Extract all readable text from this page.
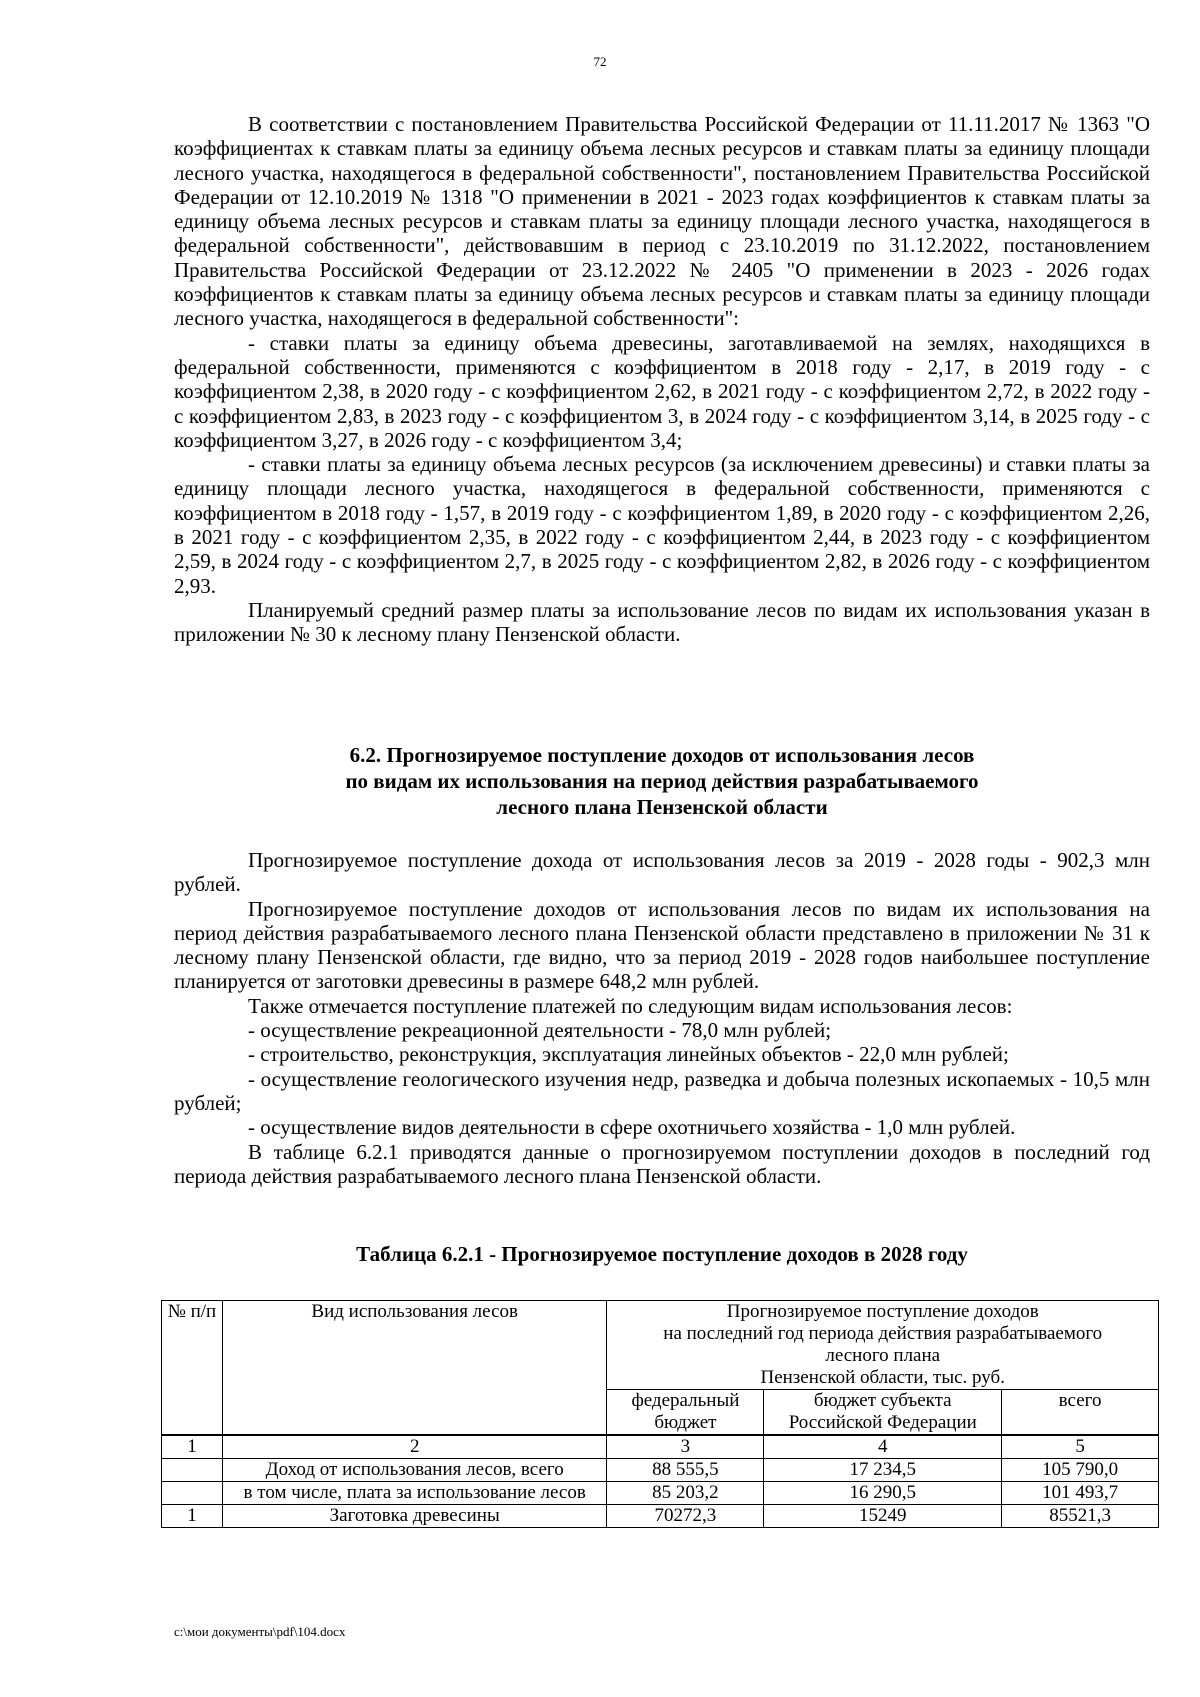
72

В соответствии с постановлением Правительства Российской Федерации от 11.11.2017 № 1363 "О коэффициентах к ставкам платы за единицу объема лесных ресурсов и ставкам платы за единицу площади лесного участка, находящегося в федеральной собственности", постановлением Правительства Российской Федерации от 12.10.2019 № 1318 "О применении в 2021 - 2023 годах коэффициентов к ставкам платы за единицу объема лесных ресурсов и ставкам платы за единицу площади лесного участка, находящегося в федеральной собственности", действовавшим в период с 23.10.2019 по 31.12.2022, постановлением Правительства Российской Федерации от 23.12.2022 № 2405 "О применении в 2023 - 2026 годах коэффициентов к ставкам платы за единицу объема лесных ресурсов и ставкам платы за единицу площади лесного участка, находящегося в федеральной собственности":

- ставки платы за единицу объема древесины, заготавливаемой на землях, находящихся в федеральной собственности, применяются с коэффициентом в 2018 году - 2,17, в 2019 году - с коэффициентом 2,38, в 2020 году - с коэффициентом 2,62, в 2021 году - с коэффициентом 2,72, в 2022 году - с коэффициентом 2,83, в 2023 году - с коэффициентом 3, в 2024 году - с коэффициентом 3,14, в 2025 году - с коэффициентом 3,27, в 2026 году - с коэффициентом 3,4;

- ставки платы за единицу объема лесных ресурсов (за исключением древесины) и ставки платы за единицу площади лесного участка, находящегося в федеральной собственности, применяются с коэффициентом в 2018 году - 1,57, в 2019 году - с коэффициентом 1,89, в 2020 году - с коэффициентом 2,26, в 2021 году - с коэффициентом 2,35, в 2022 году - с коэффициентом 2,44, в 2023 году - с коэффициентом 2,59, в 2024 году - с коэффициентом 2,7, в 2025 году - с коэффициентом 2,82, в 2026 году - с коэффициентом 2,93.

Планируемый средний размер платы за использование лесов по видам их использования указан в приложении № 30 к лесному плану Пензенской области.

6.2. Прогнозируемое поступление доходов от использования лесов
по видам их использования на период действия разрабатываемого
лесного плана Пензенской области

Прогнозируемое поступление дохода от использования лесов за 2019 - 2028 годы - 902,3 млн рублей.

Прогнозируемое поступление доходов от использования лесов по видам их использования на период действия разрабатываемого лесного плана Пензенской области представлено в приложении № 31 к лесному плану Пензенской области, где видно, что за период 2019 - 2028 годов наибольшее поступление планируется от заготовки древесины в размере 648,2 млн рублей.

Также отмечается поступление платежей по следующим видам использования лесов:

- осуществление рекреационной деятельности - 78,0 млн рублей;

- строительство, реконструкция, эксплуатация линейных объектов - 22,0 млн рублей;

- осуществление геологического изучения недр, разведка и добыча полезных ископаемых - 10,5 млн рублей;

- осуществление видов деятельности в сфере охотничьего хозяйства - 1,0 млн рублей.

В таблице 6.2.1 приводятся данные о прогнозируемом поступлении доходов в последний год периода действия разрабатываемого лесного плана Пензенской области.

Таблица 6.2.1 - Прогнозируемое поступление доходов в 2028 году
№ п/п	Вид использования лесов	Прогнозируемое поступление доходов
на последний год периода действия разрабатываемого
лесного плана
Пензенской области, тыс. руб.		

		федеральный бюджет	бюджет субъекта Российской Федерации	всего
1	2	3	4	5
	Доход от использования лесов, всего	88 555,5	17 234,5	105 790,0
	в том числе, плата за использование лесов	85 203,2	16 290,5	101 493,7
1	Заготовка древесины	70272,3	15249	85521,3
c:\мои документы\pdf\104.docx
